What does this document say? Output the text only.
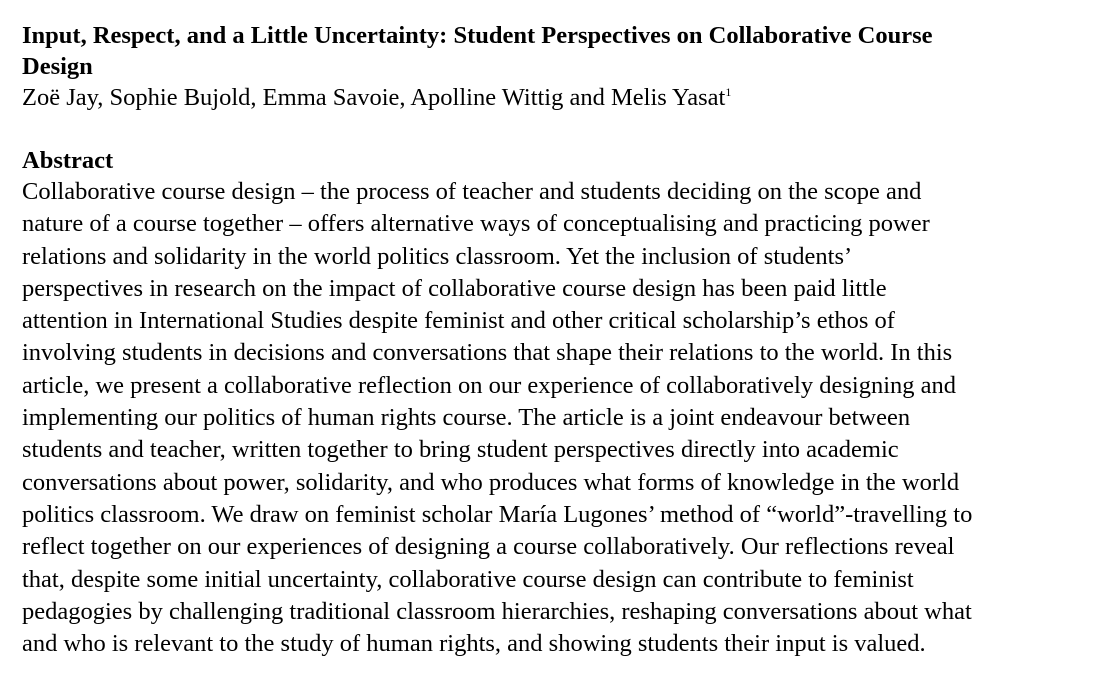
Input, Respect, and a Little Uncertainty: Student Perspectives on Collaborative Course
Design

Zoë Jay, Sophie Bujold, Emma Savoie, Apolline Wittig and Melis Yasat$^1$

Abstract
Collaborative course design – the process of teacher and students deciding on the scope and
nature of a course together – offers alternative ways of conceptualising and practicing power
relations and solidarity in the world politics classroom. Yet the inclusion of students’
perspectives in research on the impact of collaborative course design has been paid little
attention in International Studies despite feminist and other critical scholarship’s ethos of
involving students in decisions and conversations that shape their relations to the world. In this
article, we present a collaborative reflection on our experience of collaboratively designing and
implementing our politics of human rights course. The article is a joint endeavour between
students and teacher, written together to bring student perspectives directly into academic
conversations about power, solidarity, and who produces what forms of knowledge in the world
politics classroom. We draw on feminist scholar María Lugones’ method of “world”-travelling to
reflect together on our experiences of designing a course collaboratively. Our reflections reveal
that, despite some initial uncertainty, collaborative course design can contribute to feminist
pedagogies by challenging traditional classroom hierarchies, reshaping conversations about what
and who is relevant to the study of human rights, and showing students their input is valued.
